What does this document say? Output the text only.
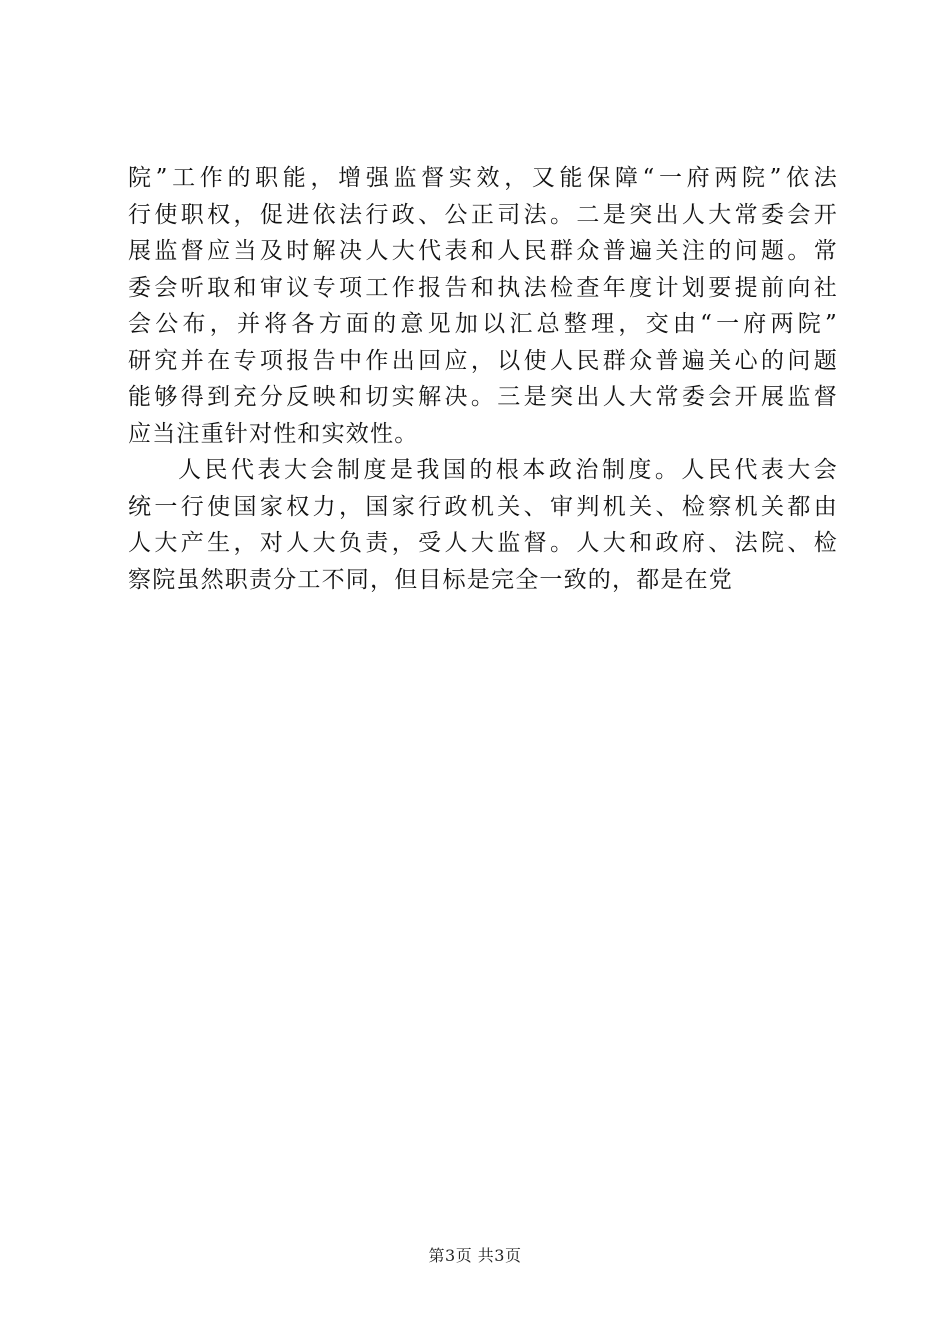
院”工作的职能，增强监督实效，又能保障“一府两院”依法
行使职权，促进依法行政、公正司法。二是突出人大常委会开
展监督应当及时解决人大代表和人民群众普遍关注的问题。常
委会听取和审议专项工作报告和执法检查年度计划要提前向社
会公布，并将各方面的意见加以汇总整理，交由“一府两院”
研究并在专项报告中作出回应，以使人民群众普遍关心的问题
能够得到充分反映和切实解决。三是突出人大常委会开展监督
应当注重针对性和实效性。
人民代表大会制度是我国的根本政治制度。人民代表大会
统一行使国家权力，国家行政机关、审判机关、检察机关都由
人大产生，对人大负责，受人大监督。人大和政府、法院、检
察院虽然职责分工不同，但目标是完全一致的，都是在党
第3页 共3页
